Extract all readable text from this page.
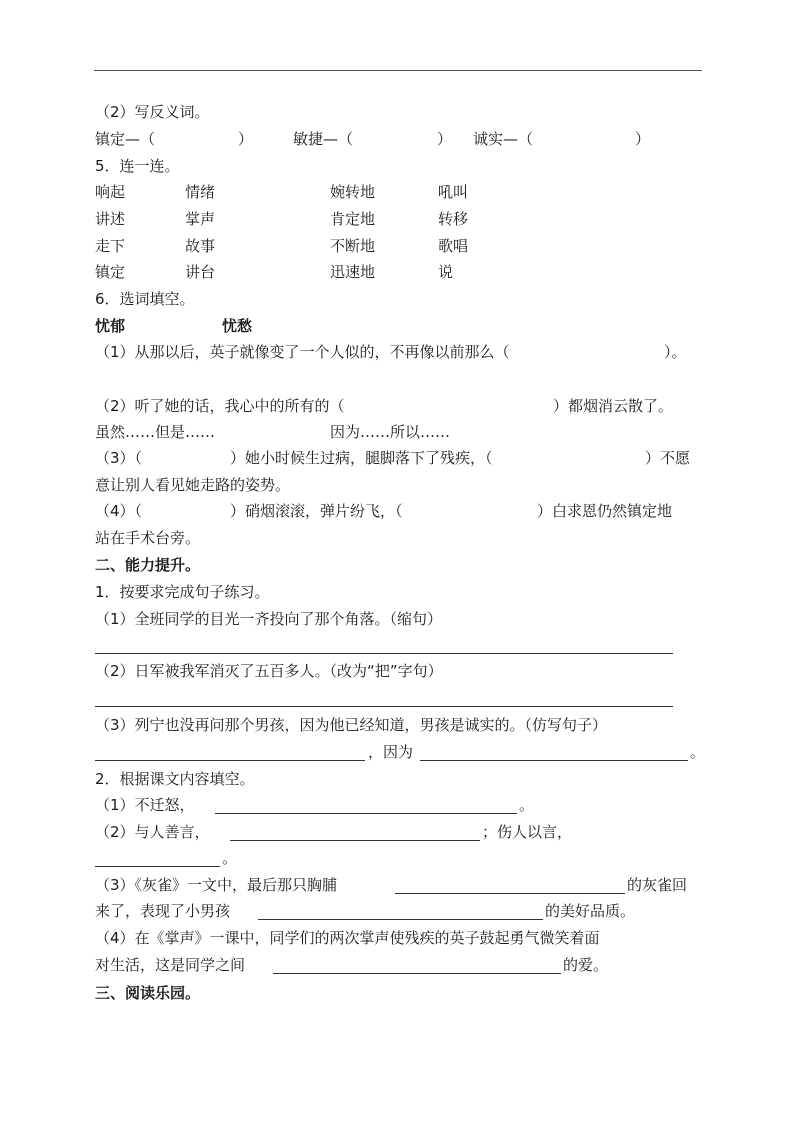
（2）写反义词。
镇定—（	）	敏捷—（	） 诚实—（	）
5．连一连。
响起	情绪	婉转地	吼叫
讲述	掌声	肯定地	转移
走下	故事	不断地	歌唱
镇定	讲台	迅速地	说
6．选词填空。
忧郁	忧愁
（1）从那以后，英子就像变了一个人似的，不再像以前那么（	）。
（2）听了她的话，我心中的所有的（	）都烟消云散了。
虽然……但是……	因为……所以……
（3）（	）她小时候生过病，腿脚落下了残疾，（	）不愿
意让别人看见她走路的姿势。
（4）（	）硝烟滚滚，弹片纷飞，（	）白求恩仍然镇定地
站在手术台旁。
二、能力提升。
1．按要求完成句子练习。
（1）全班同学的目光一齐投向了那个角落。（缩句）
（2）日军被我军消灭了五百多人。（改为“把”字句）
（3）列宁也没再问那个男孩，因为他已经知道，男孩是诚实的。（仿写句子）
，因为	。
2．根据课文内容填空。
（1）不迁怒，	。
（2）与人善言，	；伤人以言，
。
（3）《灰雀》一文中，最后那只胸脯	的灰雀回
来了，表现了小男孩	的美好品质。
（4）在《掌声》一课中，同学们的两次掌声使残疾的英子鼓起勇气微笑着面
对生活，这是同学之间	的爱。
三、阅读乐园。
